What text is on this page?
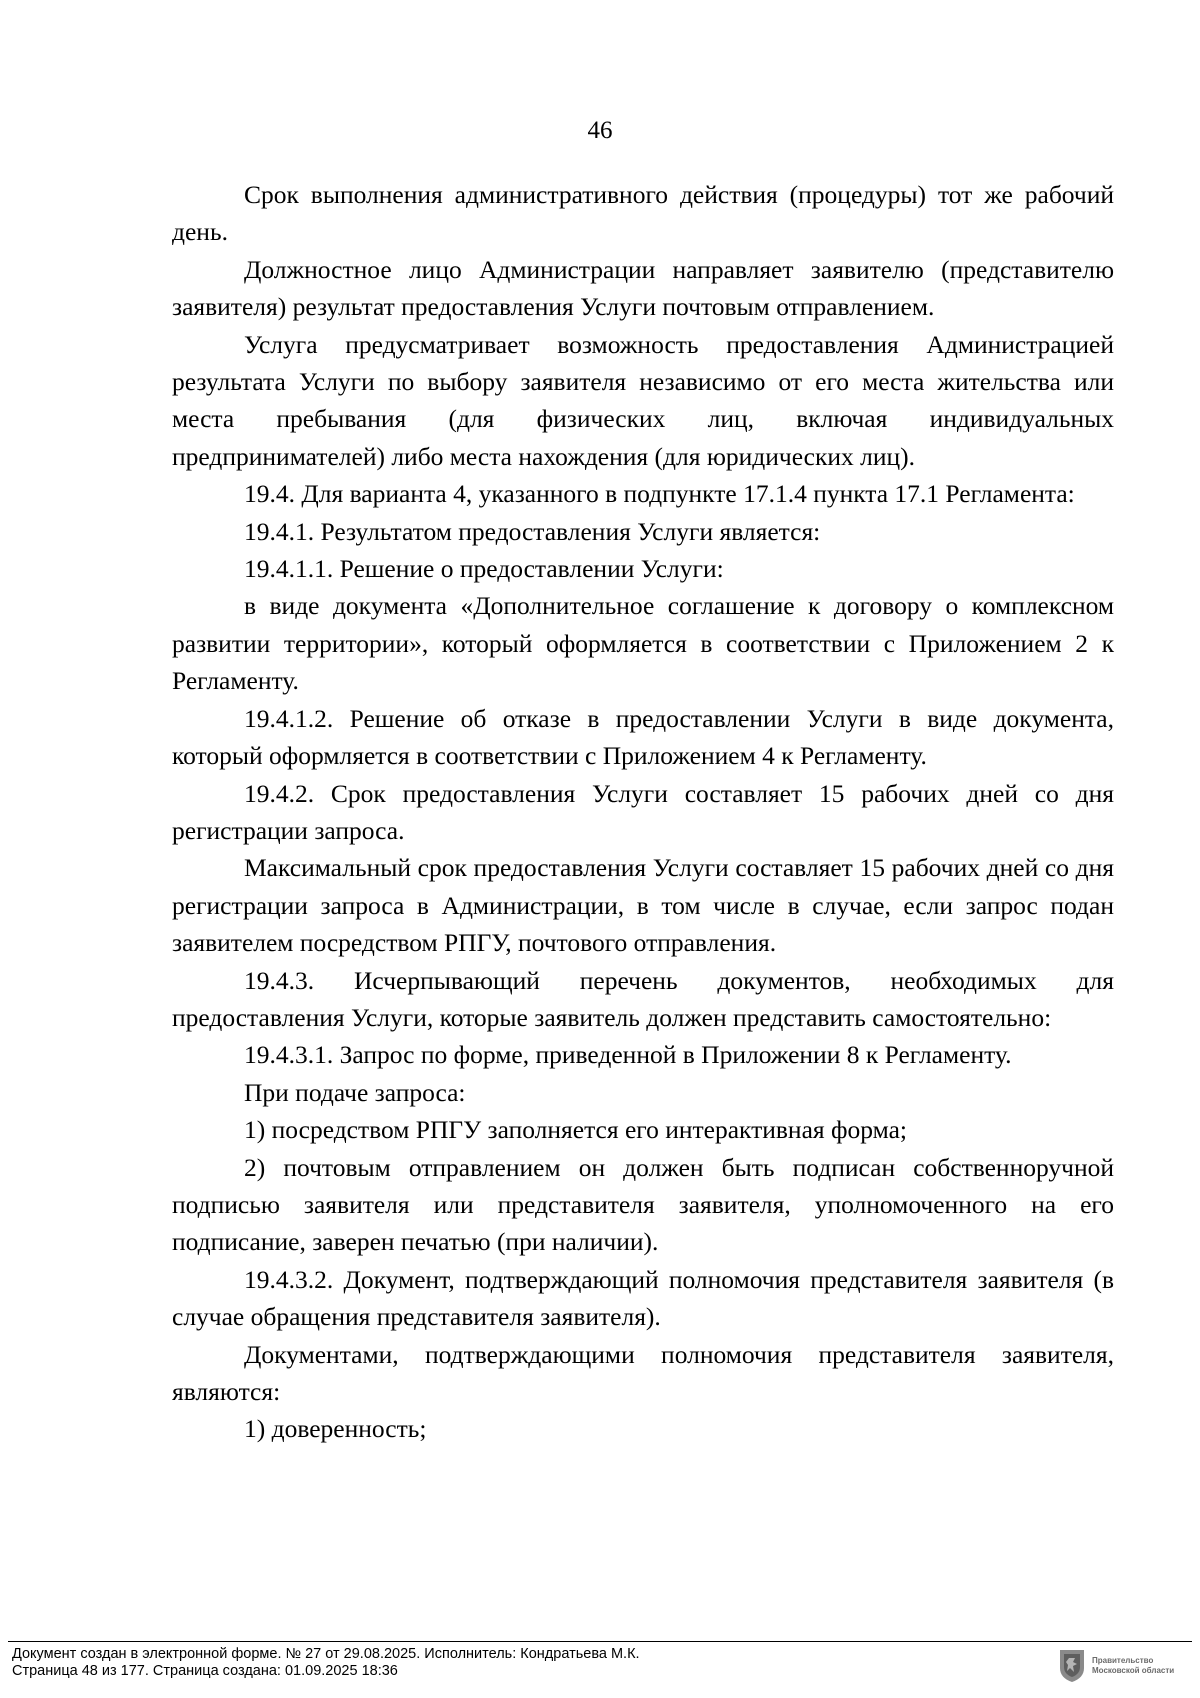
46

Срок выполнения административного действия (процедуры) тот же рабочий день.

Должностное лицо Администрации направляет заявителю (представителю заявителя) результат предоставления Услуги почтовым отправлением.

Услуга предусматривает возможность предоставления Администрацией результата Услуги по выбору заявителя независимо от его места жительства или места пребывания (для физических лиц, включая индивидуальных предпринимателей) либо места нахождения (для юридических лиц).

19.4. Для варианта 4, указанного в подпункте 17.1.4 пункта 17.1 Регламента:

19.4.1. Результатом предоставления Услуги является:

19.4.1.1. Решение о предоставлении Услуги:

в виде документа «Дополнительное соглашение к договору о комплексном развитии территории», который оформляется в соответствии с Приложением 2 к Регламенту.

19.4.1.2. Решение об отказе в предоставлении Услуги в виде документа, который оформляется в соответствии с Приложением 4 к Регламенту.

19.4.2. Срок предоставления Услуги составляет 15 рабочих дней со дня регистрации запроса.

Максимальный срок предоставления Услуги составляет 15 рабочих дней со дня регистрации запроса в Администрации, в том числе в случае, если запрос подан заявителем посредством РПГУ, почтового отправления.

19.4.3. Исчерпывающий перечень документов, необходимых для предоставления Услуги, которые заявитель должен представить самостоятельно:

19.4.3.1. Запрос по форме, приведенной в Приложении 8 к Регламенту.

При подаче запроса:

1) посредством РПГУ заполняется его интерактивная форма;

2) почтовым отправлением он должен быть подписан собственноручной подписью заявителя или представителя заявителя, уполномоченного на его подписание, заверен печатью (при наличии).

19.4.3.2. Документ, подтверждающий полномочия представителя заявителя (в случае обращения представителя заявителя).

Документами, подтверждающими полномочия представителя заявителя, являются:

1) доверенность;

Документ создан в электронной форме. № 27 от 29.08.2025. Исполнитель: Кондратьева М.К.
Страница 48 из 177. Страница создана: 01.09.2025 18:36
Правительство
Московской области
